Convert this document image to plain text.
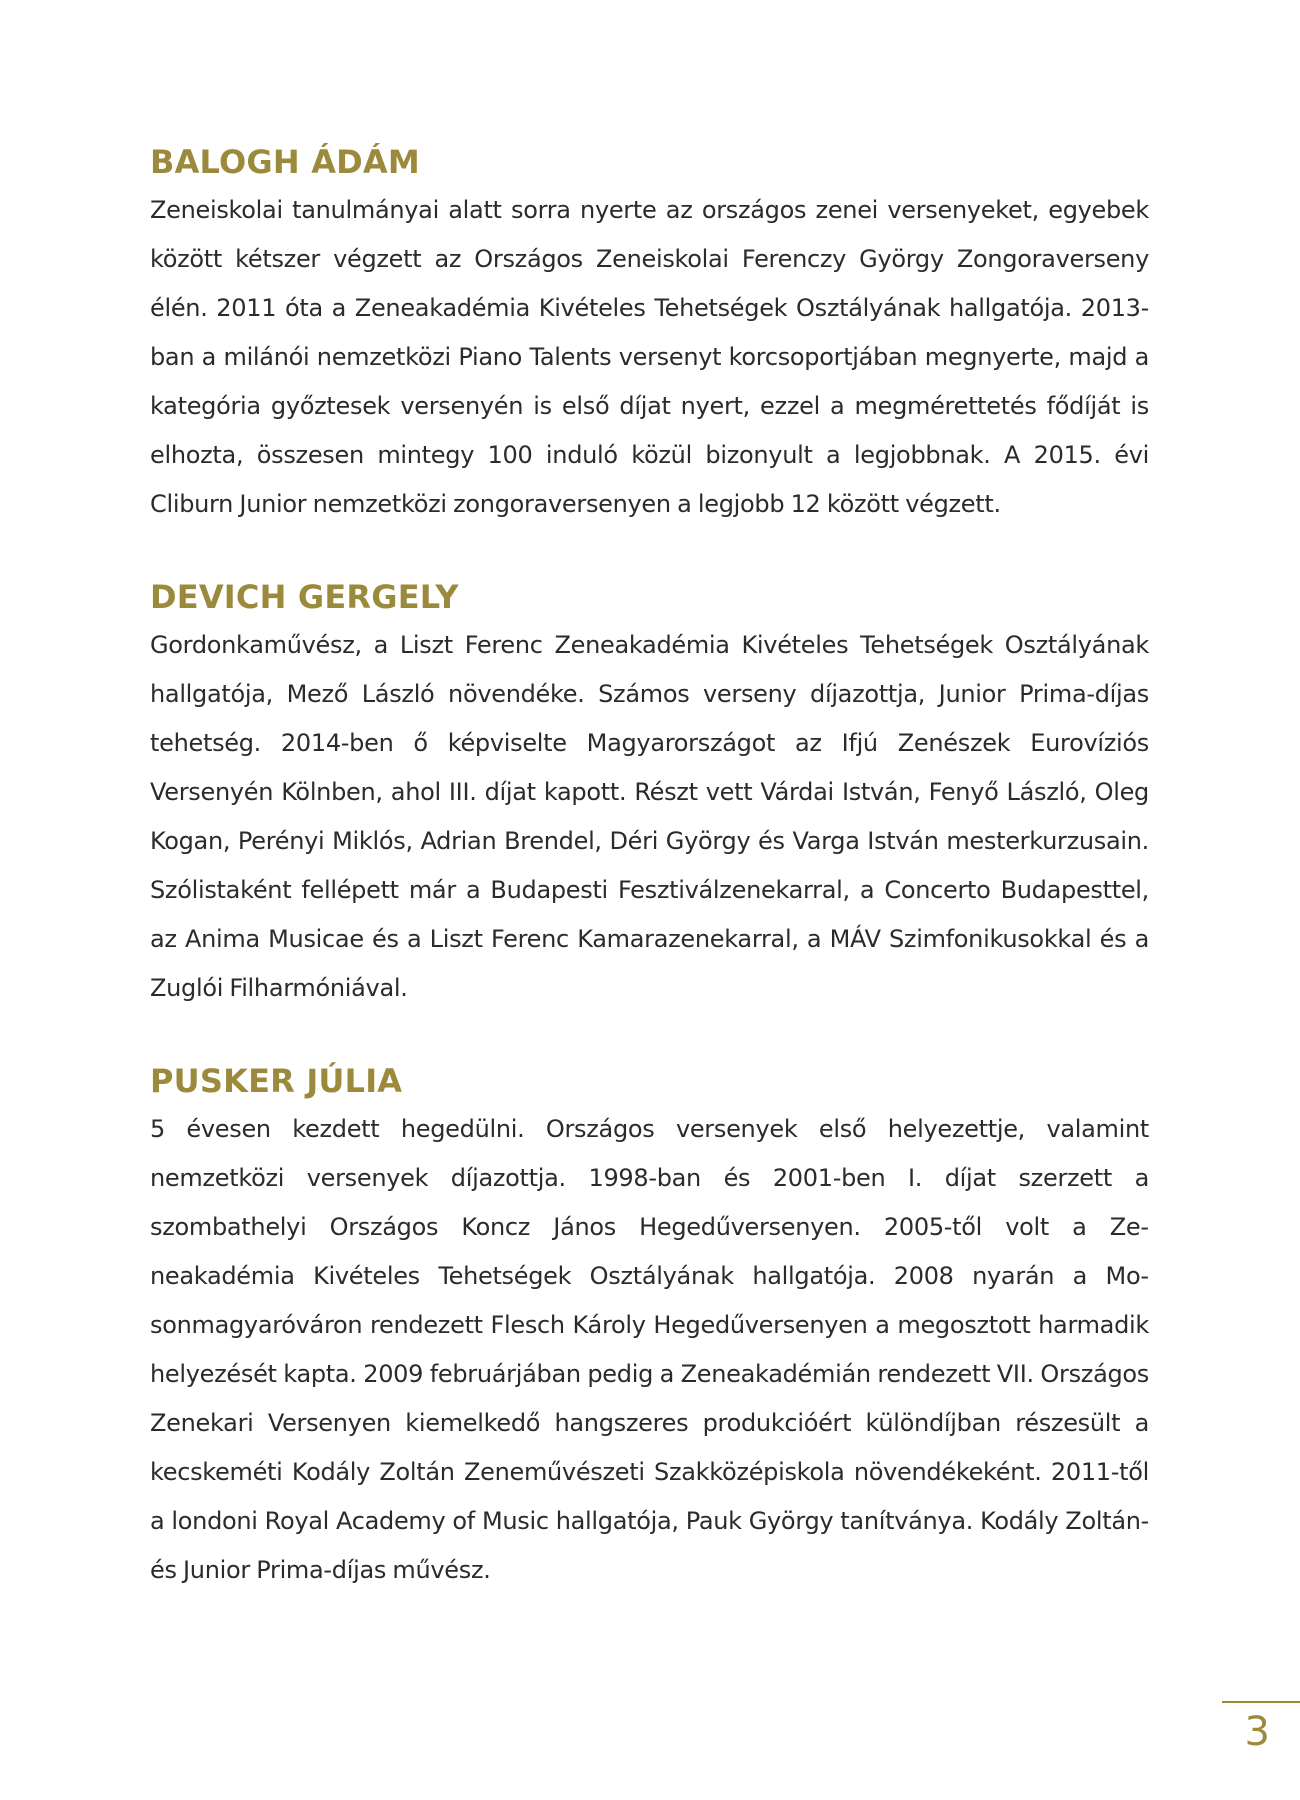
BALOGH ÁDÁM

Zeneiskolai tanulmányai alatt sorra nyerte az országos zenei versenyeket, egyebek között kétszer végzett az Országos Zeneiskolai Ferenczy György Zongoraverseny élén. 2011 óta a Zeneakadémia Kivételes Tehetségek Osztályának hallgatója. 2013-ban a milánói nemzetközi Piano Talents versenyt korcsoportjában megnyerte, majd a kategória győztesek versenyén is első díjat nyert, ezzel a megmérettetés fődíját is elhozta, összesen mintegy 100 induló közül bizonyult a legjobbnak. A 2015. évi Cliburn Junior nemzetközi zongoraversenyen a legjobb 12 között végzett.

DEVICH GERGELY

Gordonkaművész, a Liszt Ferenc Zeneakadémia Kivételes Tehetségek Osztályának hallgatója, Mező László növendéke. Számos verseny díjazottja, Junior Prima-díjas tehetség. 2014-ben ő képviselte Magyarországot az Ifjú Zenészek Eurovíziós Versenyén Kölnben, ahol III. díjat kapott. Részt vett Várdai István, Fenyő László, Oleg Kogan, Perényi Miklós, Adrian Brendel, Déri György és Varga István mesterkurzusain. Szólistaként fellépett már a Budapesti Fesztiválzenekarral, a Concerto Budapesttel, az Anima Musicae és a Liszt Ferenc Kamarazenekarral, a MÁV Szimfonikusokkal és a Zuglói Filharmóniával.

PUSKER JÚLIA

5 évesen kezdett hegedülni. Országos versenyek első helyezettje, valamint nemzetközi versenyek díjazottja. 1998-ban és 2001-ben I. díjat szerzett a szombathelyi Országos Koncz János Hegedűversenyen. 2005-től volt a Zeneakadémia Kivételes Tehetségek Osztályának hallgatója. 2008 nyarán a Mosonmagyaróváron rendezett Flesch Károly Hegedűversenyen a megosztott harmadik helyezését kapta. 2009 februárjában pedig a Zeneakadémián rendezett VII. Országos Zenekari Versenyen kiemelkedő hangszeres produkcióért különdíjban részesült a kecskeméti Kodály Zoltán Zeneművészeti Szakközépiskola növendékeként. 2011-től a londoni Royal Academy of Music hallgatója, Pauk György tanítványa. Kodály Zoltán- és Junior Prima-díjas művész.

3
